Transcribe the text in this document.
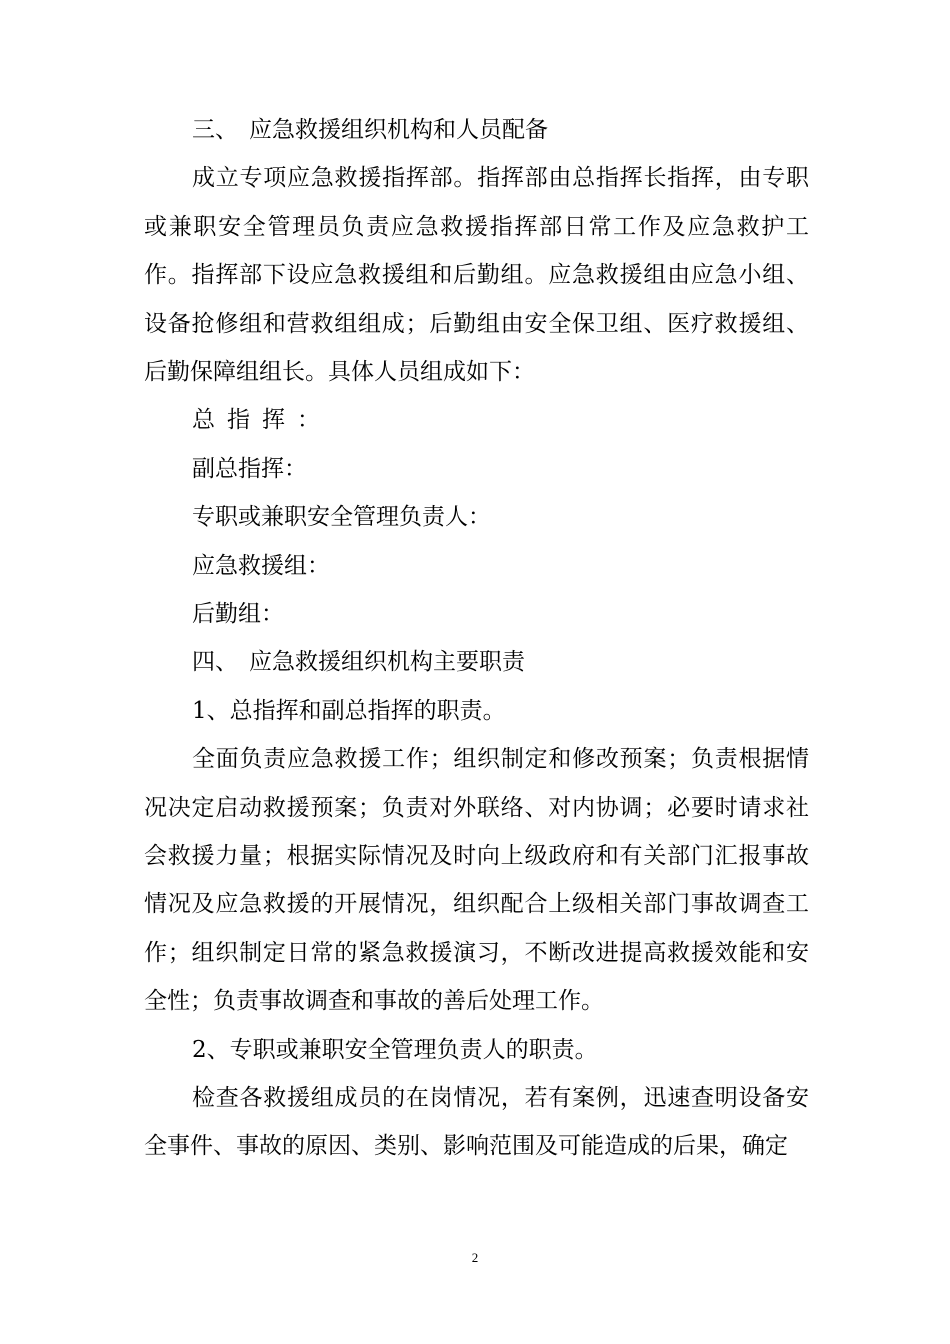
三、 应急救援组织机构和人员配备
成立专项应急救援指挥部。指挥部由总指挥长指挥，由专职或兼职安全管理员负责应急救援指挥部日常工作及应急救护工作。指挥部下设应急救援组和后勤组。应急救援组由应急小组、设备抢修组和营救组组成；后勤组由安全保卫组、医疗救援组、后勤保障组组长。具体人员组成如下：
总指挥：
副总指挥：
专职或兼职安全管理负责人：
应急救援组：
后勤组：
四、 应急救援组织机构主要职责
1、总指挥和副总指挥的职责。
全面负责应急救援工作；组织制定和修改预案；负责根据情况决定启动救援预案；负责对外联络、对内协调；必要时请求社会救援力量；根据实际情况及时向上级政府和有关部门汇报事故情况及应急救援的开展情况，组织配合上级相关部门事故调查工作；组织制定日常的紧急救援演习，不断改进提高救援效能和安全性；负责事故调查和事故的善后处理工作。
2、专职或兼职安全管理负责人的职责。
检查各救援组成员的在岗情况，若有案例，迅速查明设备安全事件、事故的原因、类别、影响范围及可能造成的后果，确定
2
